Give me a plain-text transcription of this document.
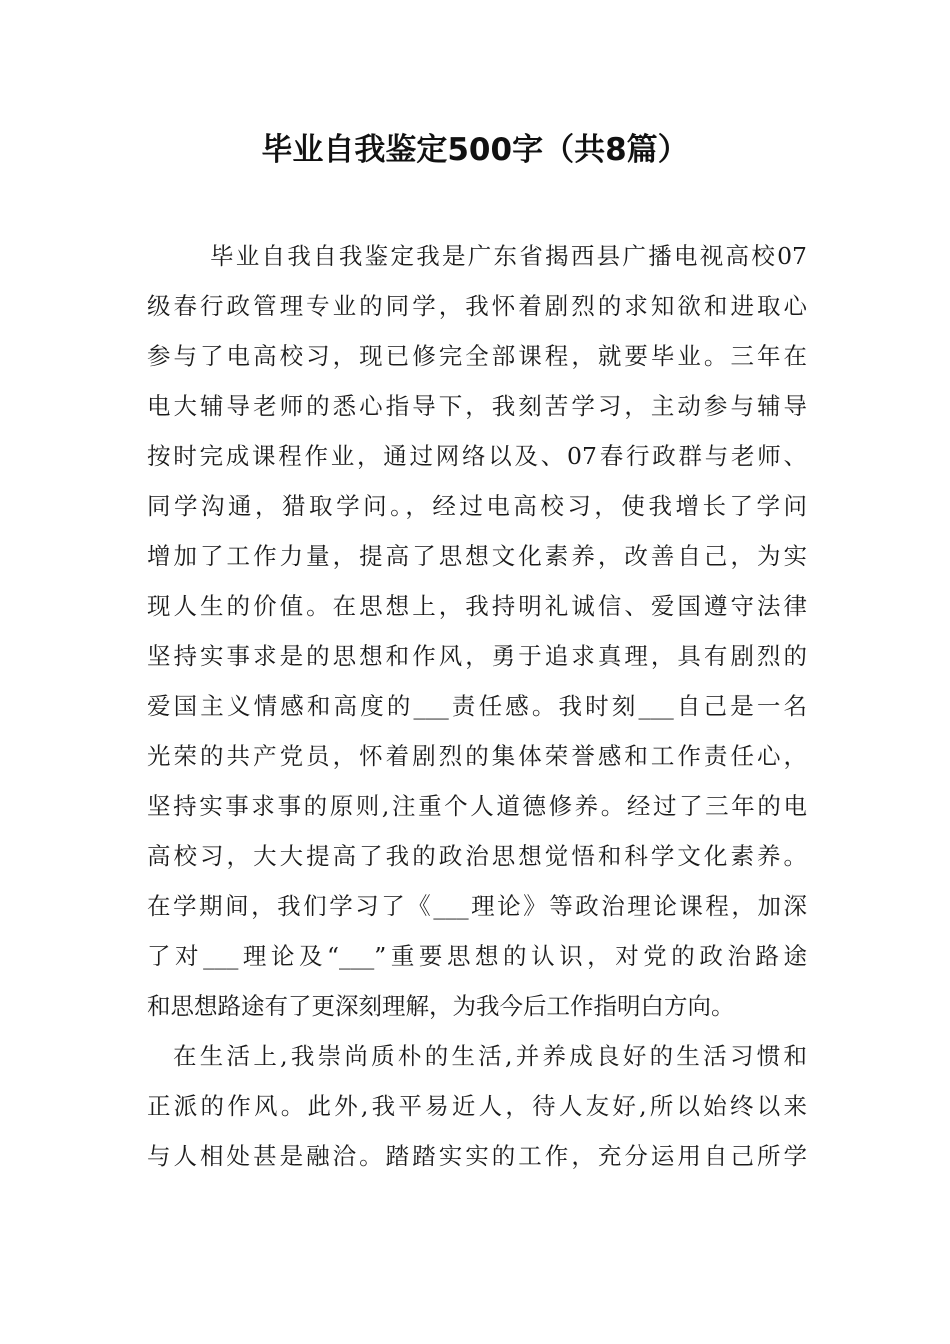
毕业自我鉴定500字（共8篇）
毕业自我自我鉴定我是广东省揭西县广播电视高校07
级春行政管理专业的同学，我怀着剧烈的求知欲和进取心
参与了电高校习，现已修完全部课程，就要毕业。三年在
电大辅导老师的悉心指导下，我刻苦学习，主动参与辅导
按时完成课程作业，通过网络以及、07春行政群与老师、
同学沟通，猎取学问。，经过电高校习，使我增长了学问
增加了工作力量，提高了思想文化素养，改善自己，为实
现人生的价值。在思想上，我持明礼诚信、爱国遵守法律
坚持实事求是的思想和作风，勇于追求真理，具有剧烈的
爱国主义情感和高度的___责任感。我时刻___自己是一名
光荣的共产党员，怀着剧烈的集体荣誉感和工作责任心，
坚持实事求事的原则,注重个人道德修养。经过了三年的电
高校习，大大提高了我的政治思想觉悟和科学文化素养。
在学期间，我们学习了《___理论》等政治理论课程，加深
了对___理论及“___”重要思想的认识，对党的政治路途
和思想路途有了更深刻理解，为我今后工作指明白方向。
在生活上,我崇尚质朴的生活,并养成良好的生活习惯和
正派的作风。此外,我平易近人，待人友好,所以始终以来
与人相处甚是融洽。踏踏实实的工作，充分运用自己所学
